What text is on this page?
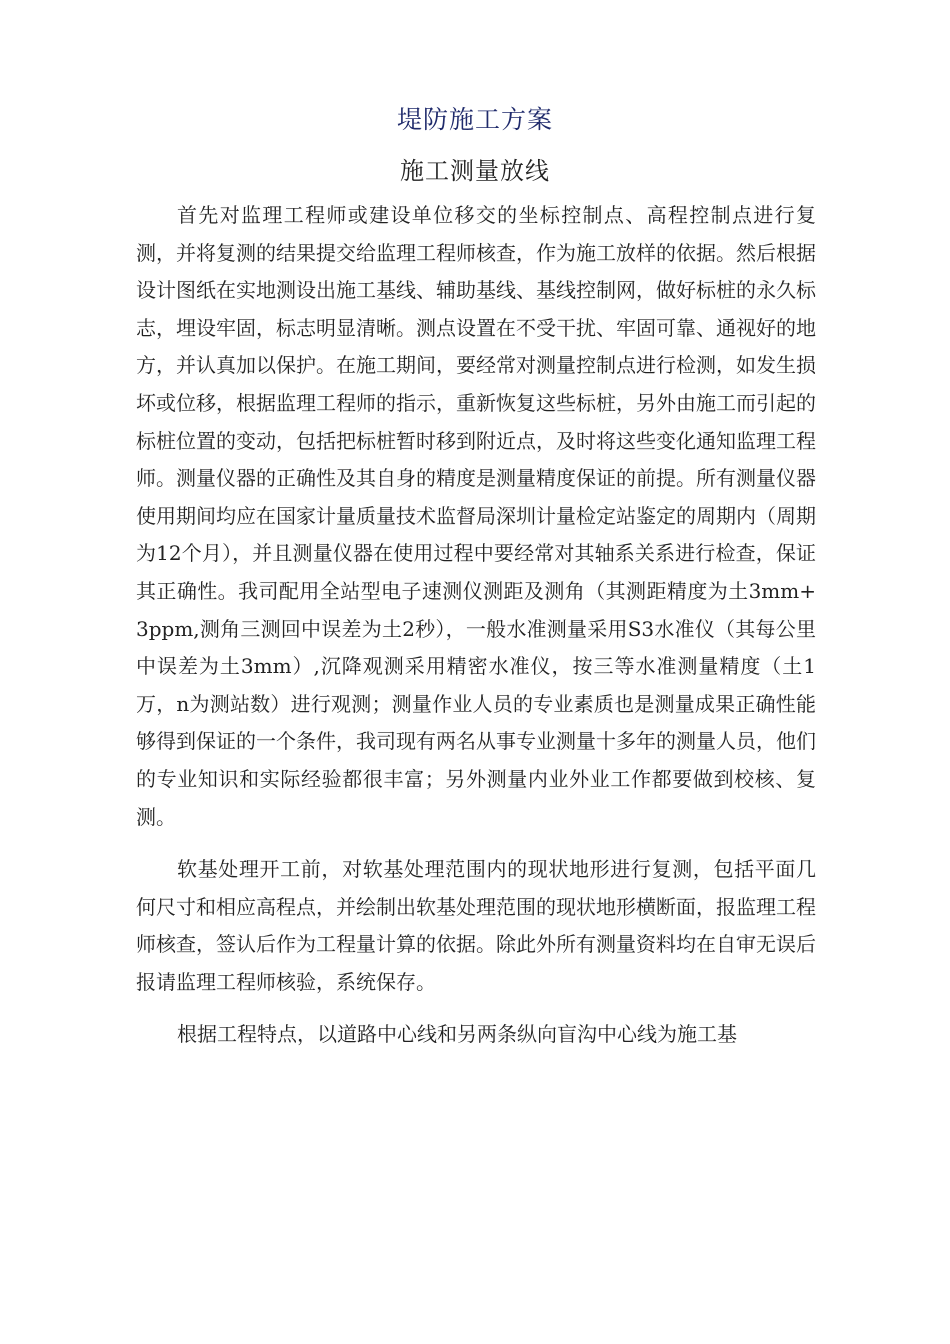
堤防施工方案
施工测量放线

首先对监理工程师或建设单位移交的坐标控制点、高程控制点进行复测，并将复测的结果提交给监理工程师核查，作为施工放样的依据。然后根据设计图纸在实地测设出施工基线、辅助基线、基线控制网，做好标桩的永久标志，埋设牢固，标志明显清晰。测点设置在不受干扰、牢固可靠、通视好的地方，并认真加以保护。在施工期间，要经常对测量控制点进行检测，如发生损坏或位移，根据监理工程师的指示，重新恢复这些标桩，另外由施工而引起的标桩位置的变动，包括把标桩暂时移到附近点，及时将这些变化通知监理工程师。测量仪器的正确性及其自身的精度是测量精度保证的前提。所有测量仪器使用期间均应在国家计量质量技术监督局深圳计量检定站鉴定的周期内（周期为12个月），并且测量仪器在使用过程中要经常对其轴系关系进行检查，保证其正确性。我司配用全站型电子速测仪测距及测角（其测距精度为土3mm+3ppm,测角三测回中误差为土2秒），一般水准测量采用S3水准仪（其每公里中误差为土3mm）,沉降观测采用精密水准仪，按三等水准测量精度（土1万，n为测站数）进行观测；测量作业人员的专业素质也是测量成果正确性能够得到保证的一个条件，我司现有两名从事专业测量十多年的测量人员，他们的专业知识和实际经验都很丰富；另外测量内业外业工作都要做到校核、复测。

软基处理开工前，对软基处理范围内的现状地形进行复测，包括平面几何尺寸和相应高程点，并绘制出软基处理范围的现状地形横断面，报监理工程师核查，签认后作为工程量计算的依据。除此外所有测量资料均在自审无误后报请监理工程师核验，系统保存。

根据工程特点，以道路中心线和另两条纵向盲沟中心线为施工基
